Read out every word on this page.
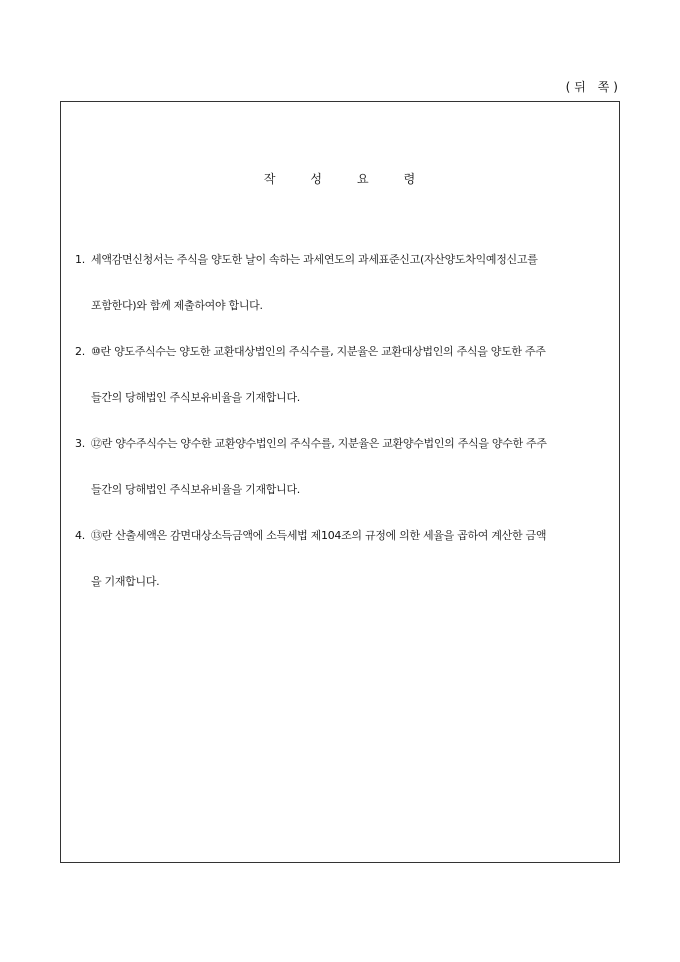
(뒤 쪽)
작	성	요	령
1. 세액감면신청서는 주식을 양도한 날이 속하는 과세연도의 과세표준신고(자산양도차익예정신고를
포함한다)와 함께 제출하여야 합니다.
2. ⑩란 양도주식수는 양도한 교환대상법인의 주식수를, 지분율은 교환대상법인의 주식을 양도한 주주
들간의 당해법인 주식보유비율을 기재합니다.
3. ⑫란 양수주식수는 양수한 교환양수법인의 주식수를, 지분율은 교환양수법인의 주식을 양수한 주주
들간의 당해법인 주식보유비율을 기재합니다.
4. ⑬란 산출세액은 감면대상소득금액에 소득세법 제104조의 규정에 의한 세율을 곱하여 계산한 금액
을 기재합니다.
